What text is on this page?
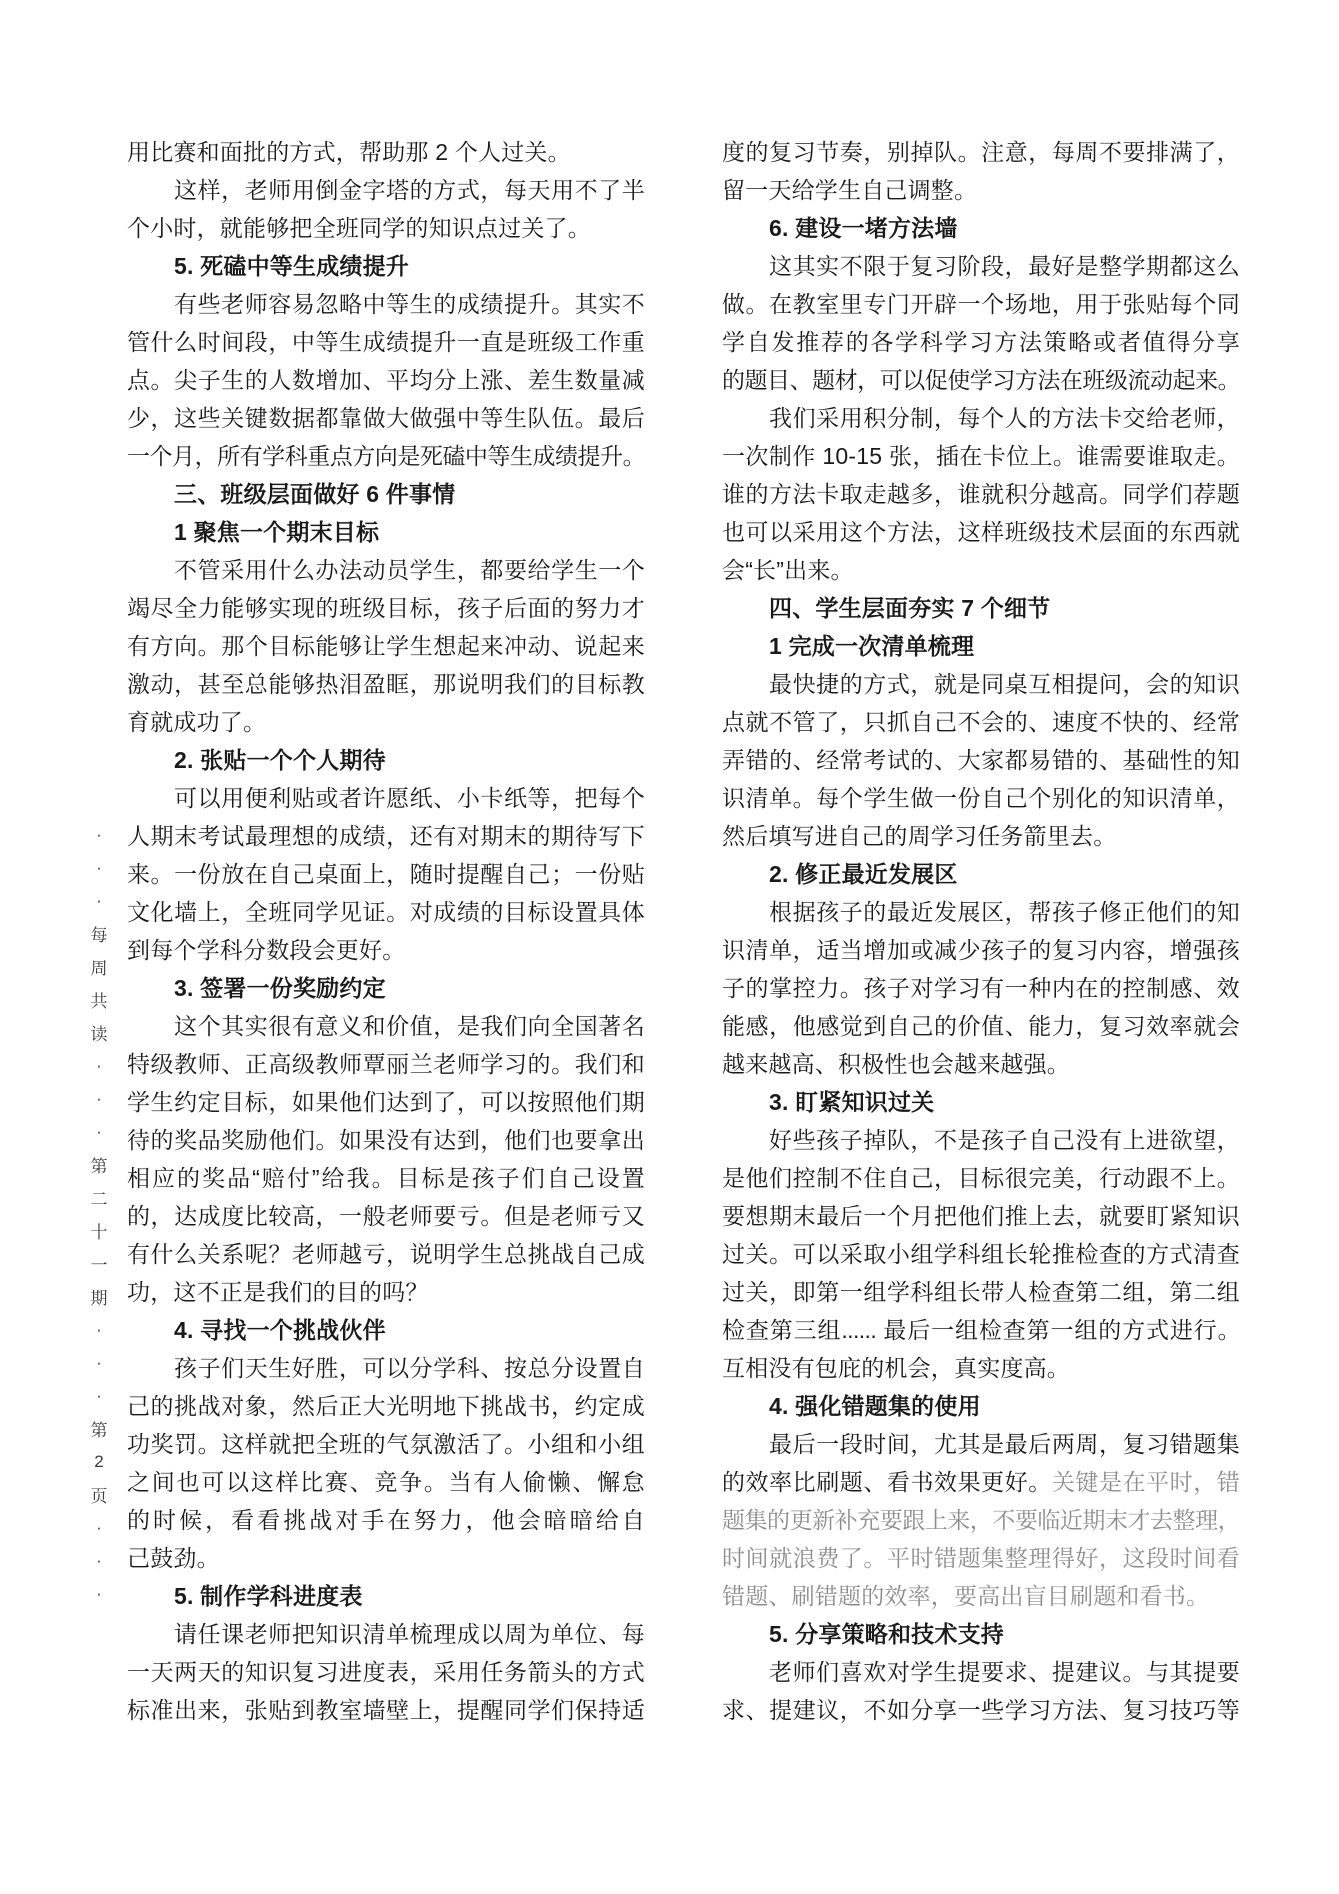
·
·
·
每
周
共
读
·
·
·
第
二
十
一
期
·
·
·
第
2
页
·
·
·
用比赛和面批的方式，帮助那 2 个人过关。
这样，老师用倒金字塔的方式，每天用不了半
个小时，就能够把全班同学的知识点过关了。
5. 死磕中等生成绩提升
有些老师容易忽略中等生的成绩提升。其实不
管什么时间段，中等生成绩提升一直是班级工作重
点。尖子生的人数增加、平均分上涨、差生数量减
少，这些关键数据都靠做大做强中等生队伍。最后
一个月，所有学科重点方向是死磕中等生成绩提升。
三、班级层面做好 6 件事情
1 聚焦一个期末目标
不管采用什么办法动员学生，都要给学生一个
竭尽全力能够实现的班级目标，孩子后面的努力才
有方向。那个目标能够让学生想起来冲动、说起来
激动，甚至总能够热泪盈眶，那说明我们的目标教
育就成功了。
2. 张贴一个个人期待
可以用便利贴或者许愿纸、小卡纸等，把每个
人期末考试最理想的成绩，还有对期末的期待写下
来。一份放在自己桌面上，随时提醒自己；一份贴
文化墙上，全班同学见证。对成绩的目标设置具体
到每个学科分数段会更好。
3. 签署一份奖励约定
这个其实很有意义和价值，是我们向全国著名
特级教师、正高级教师覃丽兰老师学习的。我们和
学生约定目标，如果他们达到了，可以按照他们期
待的奖品奖励他们。如果没有达到，他们也要拿出
相应的奖品“赔付”给我。目标是孩子们自己设置
的，达成度比较高，一般老师要亏。但是老师亏又
有什么关系呢？老师越亏，说明学生总挑战自己成
功，这不正是我们的目的吗？
4. 寻找一个挑战伙伴
孩子们天生好胜，可以分学科、按总分设置自
己的挑战对象，然后正大光明地下挑战书，约定成
功奖罚。这样就把全班的气氛激活了。小组和小组
之间也可以这样比赛、竞争。当有人偷懒、懈怠
的时候，看看挑战对手在努力，他会暗暗给自
己鼓劲。
5. 制作学科进度表
请任课老师把知识清单梳理成以周为单位、每
一天两天的知识复习进度表，采用任务箭头的方式
标准出来，张贴到教室墙壁上，提醒同学们保持适
度的复习节奏，别掉队。注意，每周不要排满了，
留一天给学生自己调整。
6. 建设一堵方法墙
这其实不限于复习阶段，最好是整学期都这么
做。在教室里专门开辟一个场地，用于张贴每个同
学自发推荐的各学科学习方法策略或者值得分享
的题目、题材，可以促使学习方法在班级流动起来。
我们采用积分制，每个人的方法卡交给老师，
一次制作 10-15 张，插在卡位上。谁需要谁取走。
谁的方法卡取走越多，谁就积分越高。同学们荐题
也可以采用这个方法，这样班级技术层面的东西就
会“长”出来。
四、学生层面夯实 7 个细节
1 完成一次清单梳理
最快捷的方式，就是同桌互相提问，会的知识
点就不管了，只抓自己不会的、速度不快的、经常
弄错的、经常考试的、大家都易错的、基础性的知
识清单。每个学生做一份自己个别化的知识清单，
然后填写进自己的周学习任务箭里去。
2. 修正最近发展区
根据孩子的最近发展区，帮孩子修正他们的知
识清单，适当增加或减少孩子的复习内容，增强孩
子的掌控力。孩子对学习有一种内在的控制感、效
能感，他感觉到自己的价值、能力，复习效率就会
越来越高、积极性也会越来越强。
3. 盯紧知识过关
好些孩子掉队，不是孩子自己没有上进欲望，
是他们控制不住自己，目标很完美，行动跟不上。
要想期末最后一个月把他们推上去，就要盯紧知识
过关。可以采取小组学科组长轮推检查的方式清查
过关，即第一组学科组长带人检查第二组，第二组
检查第三组...... 最后一组检查第一组的方式进行。
互相没有包庇的机会，真实度高。
4. 强化错题集的使用
最后一段时间，尤其是最后两周，复习错题集
的效率比刷题、看书效果更好。关键是在平时，错
题集的更新补充要跟上来，不要临近期末才去整理，
时间就浪费了。平时错题集整理得好，这段时间看
错题、刷错题的效率，要高出盲目刷题和看书。
5. 分享策略和技术支持
老师们喜欢对学生提要求、提建议。与其提要
求、提建议，不如分享一些学习方法、复习技巧等
